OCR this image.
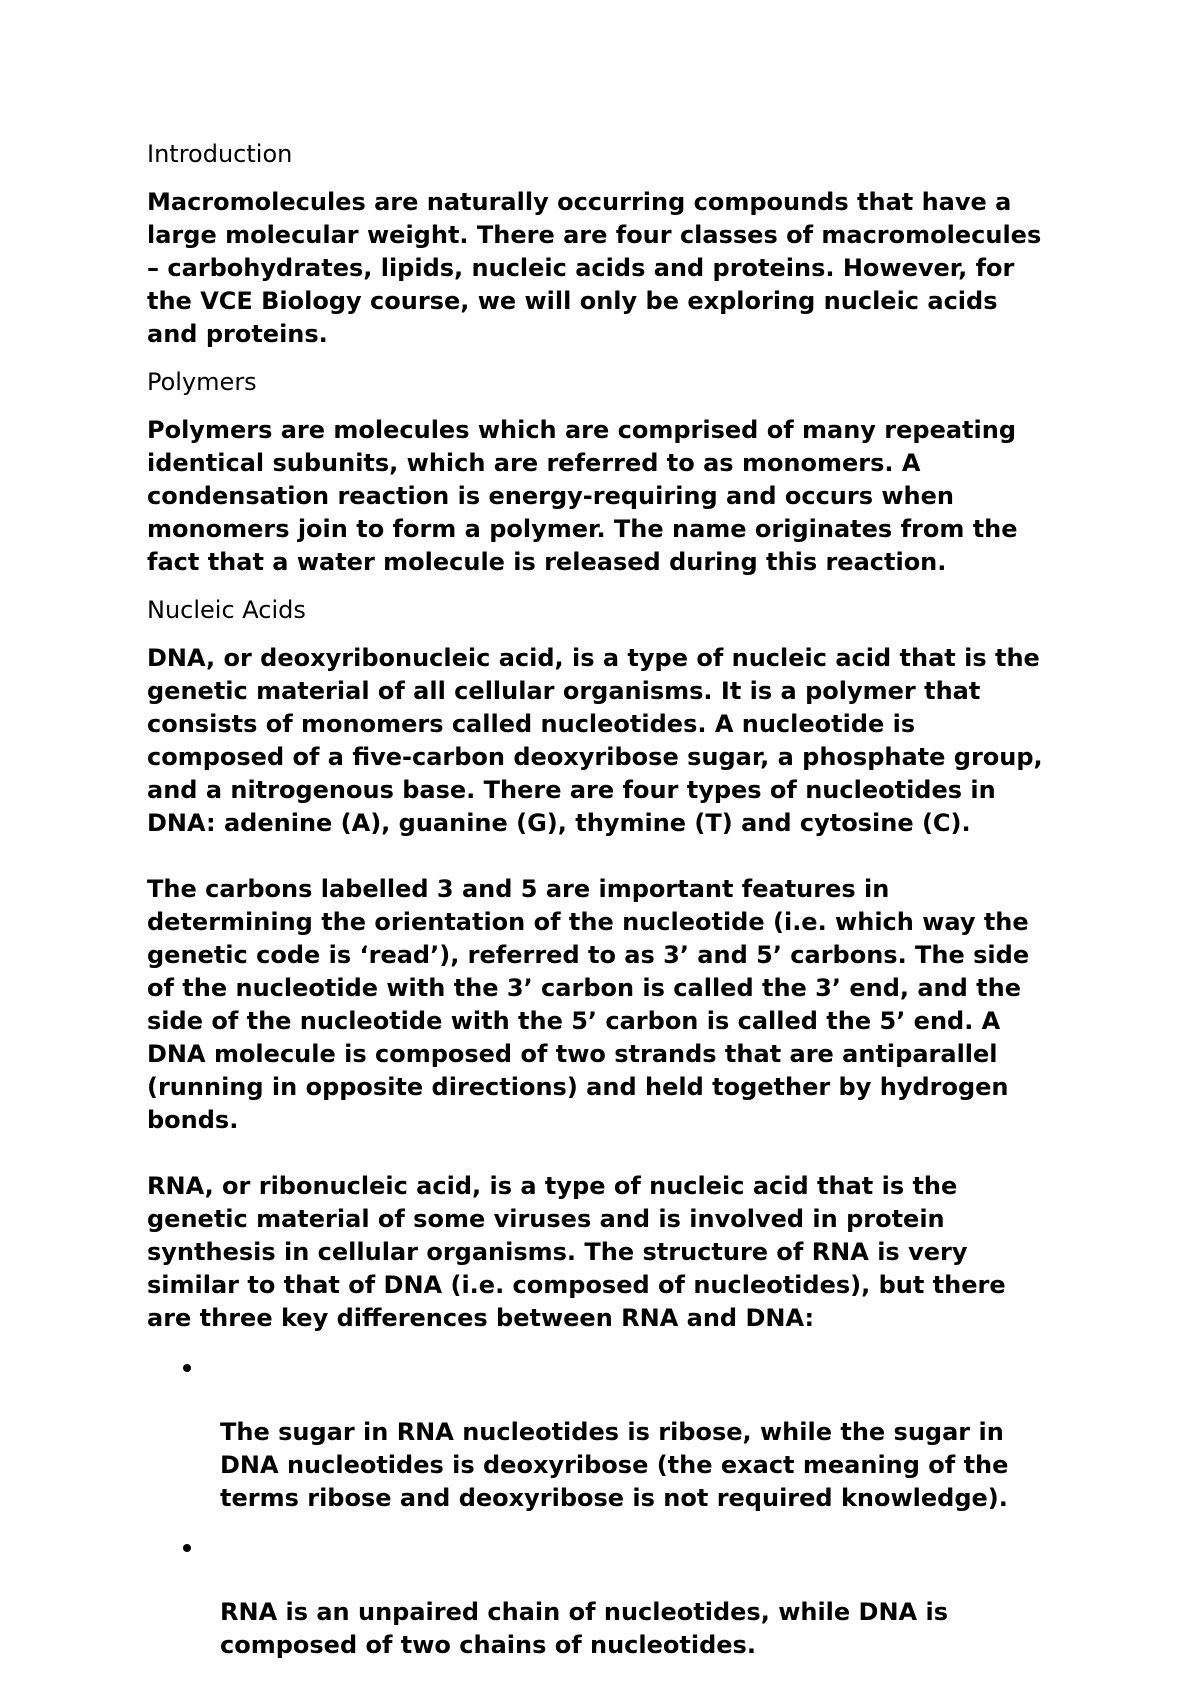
Introduction
Macromolecules are naturally occurring compounds that have a
large molecular weight. There are four classes of macromolecules
– carbohydrates, lipids, nucleic acids and proteins. However, for
the VCE Biology course, we will only be exploring nucleic acids
and proteins.
Polymers
Polymers are molecules which are comprised of many repeating
identical subunits, which are referred to as monomers. A
condensation reaction is energy-requiring and occurs when
monomers join to form a polymer. The name originates from the
fact that a water molecule is released during this reaction.
Nucleic Acids
DNA, or deoxyribonucleic acid, is a type of nucleic acid that is the
genetic material of all cellular organisms. It is a polymer that
consists of monomers called nucleotides. A nucleotide is
composed of a five-carbon deoxyribose sugar, a phosphate group,
and a nitrogenous base. There are four types of nucleotides in
DNA: adenine (A), guanine (G), thymine (T) and cytosine (C).
The carbons labelled 3 and 5 are important features in
determining the orientation of the nucleotide (i.e. which way the
genetic code is ‘read’), referred to as 3’ and 5’ carbons. The side
of the nucleotide with the 3’ carbon is called the 3’ end, and the
side of the nucleotide with the 5’ carbon is called the 5’ end. A
DNA molecule is composed of two strands that are antiparallel
(running in opposite directions) and held together by hydrogen
bonds.
RNA, or ribonucleic acid, is a type of nucleic acid that is the
genetic material of some viruses and is involved in protein
synthesis in cellular organisms. The structure of RNA is very
similar to that of DNA (i.e. composed of nucleotides), but there
are three key differences between RNA and DNA:

The sugar in RNA nucleotides is ribose, while the sugar in
DNA nucleotides is deoxyribose (the exact meaning of the
terms ribose and deoxyribose is not required knowledge).

RNA is an unpaired chain of nucleotides, while DNA is
composed of two chains of nucleotides.
